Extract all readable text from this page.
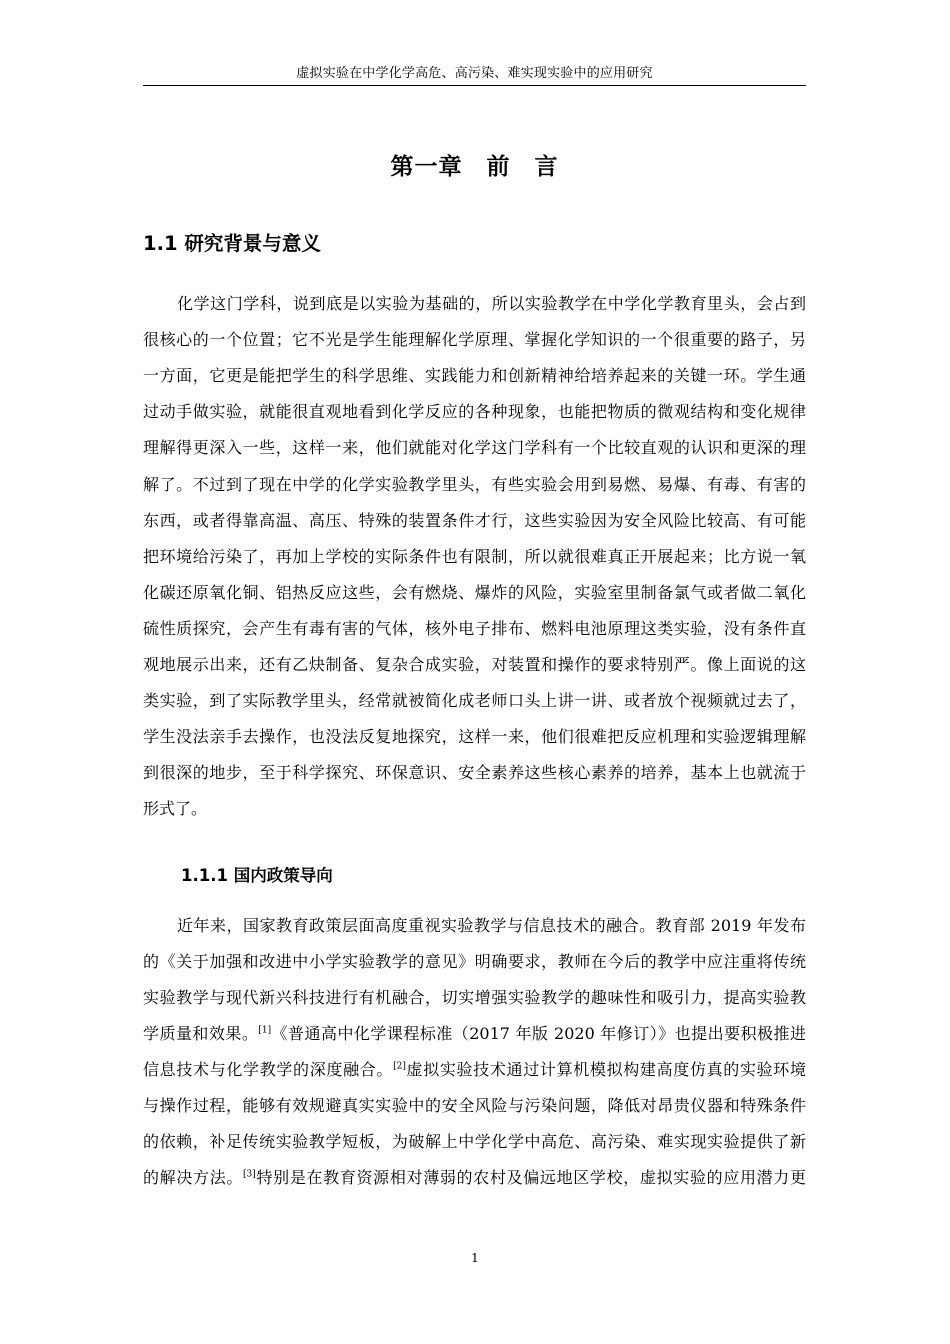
虚拟实验在中学化学高危、高污染、难实现实验中的应用研究
第一章　前　言
1.1 研究背景与意义
化学这门学科，说到底是以实验为基础的，所以实验教学在中学化学教育里头，会占到
很核心的一个位置；它不光是学生能理解化学原理、掌握化学知识的一个很重要的路子，另
一方面，它更是能把学生的科学思维、实践能力和创新精神给培养起来的关键一环。学生通
过动手做实验，就能很直观地看到化学反应的各种现象，也能把物质的微观结构和变化规律
理解得更深入一些，这样一来，他们就能对化学这门学科有一个比较直观的认识和更深的理
解了。不过到了现在中学的化学实验教学里头，有些实验会用到易燃、易爆、有毒、有害的
东西，或者得靠高温、高压、特殊的装置条件才行，这些实验因为安全风险比较高、有可能
把环境给污染了，再加上学校的实际条件也有限制，所以就很难真正开展起来；比方说一氧
化碳还原氧化铜、铝热反应这些，会有燃烧、爆炸的风险，实验室里制备氯气或者做二氧化
硫性质探究，会产生有毒有害的气体，核外电子排布、燃料电池原理这类实验，没有条件直
观地展示出来，还有乙炔制备、复杂合成实验，对装置和操作的要求特别严。像上面说的这
类实验，到了实际教学里头，经常就被简化成老师口头上讲一讲、或者放个视频就过去了，
学生没法亲手去操作，也没法反复地探究，这样一来，他们很难把反应机理和实验逻辑理解
到很深的地步，至于科学探究、环保意识、安全素养这些核心素养的培养，基本上也就流于
形式了。
1.1.1 国内政策导向
近年来，国家教育政策层面高度重视实验教学与信息技术的融合。教育部 2019 年发布
的《关于加强和改进中小学实验教学的意见》明确要求，教师在今后的教学中应注重将传统
实验教学与现代新兴科技进行有机融合，切实增强实验教学的趣味性和吸引力，提高实验教
学质量和效果。[1]《普通高中化学课程标准（2017 年版 2020 年修订）》也提出要积极推进
信息技术与化学教学的深度融合。[2]虚拟实验技术通过计算机模拟构建高度仿真的实验环境
与操作过程，能够有效规避真实实验中的安全风险与污染问题，降低对昂贵仪器和特殊条件
的依赖，补足传统实验教学短板，为破解上中学化学中高危、高污染、难实现实验提供了新
的解决方法。[3]特别是在教育资源相对薄弱的农村及偏远地区学校，虚拟实验的应用潜力更
1
